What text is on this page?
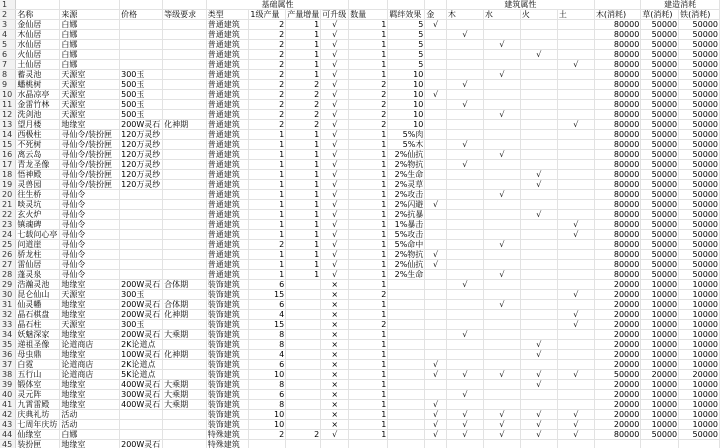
1					基础属性							建筑属性					建造消耗	
2	名称	来源	价格	等级要求	类型	1级产量	产量增量	可升级	数量	羁绊效果	金	木	水	火	土	木(消耗)	草(消耗)	铁(消耗)
3	金仙居	白娜			普通建筑	2	1	√	1	5	√					80000	50000	50000
4	木仙居	白娜			普通建筑	2	1	√	1	5		√				80000	50000	50000
5	水仙居	白娜			普通建筑	2	1	√	1	5			√			80000	50000	50000
6	火仙居	白娜			普通建筑	2	1	√	1	5				√		80000	50000	50000
7	土仙居	白娜			普通建筑	2	1	√	1	5					√	80000	50000	50000
8	蓄灵池	天源室	300玉		普通建筑	2	1	√	1	10			√			80000	50000	50000
9	蟠桃树	天源室	500玉		普通建筑	2	2	√	2	10		√				80000	50000	50000
10	水晶凉亭	天源室	500玉		普通建筑	2	2	√	2	10	√					80000	50000	50000
11	金雷竹林	天源室	500玉		普通建筑	2	2	√	2	10		√				80000	50000	50000
12	洗剑池	天源室	500玉		普通建筑	2	2	√	2	10			√			80000	50000	50000
13	望月楼	地缘室	200W灵石	化神期	普通建筑	2	2	√	2	10					√	80000	50000	50000
14	西极柱	寻仙令/装扮匣	120万灵纱		普通建筑	1	1	√	1	5%肉						80000	50000	50000
15	不死树	寻仙令/装扮匣	120万灵纱		普通建筑	1	1	√	1	5%木		√				80000	50000	50000
16	离云岛	寻仙令/装扮匣	120万灵纱		普通建筑	1	1	√	1	2%仙抗			√			80000	50000	50000
17	青龙圣像	寻仙令/装扮匣	120万灵纱		普通建筑	1	1	√	1	2%物抗		√				80000	50000	50000
18	悟神殿	寻仙令/装扮匣	120万灵纱		普通建筑	1	1	√	1	2%生命				√		80000	50000	50000
19	灵兽园	寻仙令/装扮匣	120万灵纱		普通建筑	1	1	√	1	2%灵草				√		80000	50000	50000
20	往生桥	寻仙令			普通建筑	1	1	√	1	2%攻击			√			80000	50000	50000
21	啖灵坑	寻仙令			普通建筑	1	1	√	1	2%闪避	√					80000	50000	50000
22	玄火炉	寻仙令			普通建筑	1	1	√	1	2%抗暴				√		80000	50000	50000
23	镇魂碑	寻仙令			普通建筑	1	1	√	1	1%暴击					√	80000	50000	50000
24	七载问心亭	寻仙令			普通建筑	1	1	√	1	5%攻击					√	80000	50000	50000
25	问道崖	寻仙令			普通建筑	2	1	√	1	5%命中			√			80000	50000	50000
26	骄龙柱	寻仙令			普通建筑	1	1	√	1	2%物抗	√					80000	50000	50000
27	雷仙居	寻仙令			普通建筑	1	1	√	1	2%仙抗	√					80000	50000	50000
28	蓬灵泉	寻仙令			普通建筑	1	1	√	1	2%生命			√			80000	50000	50000
29	浩瀚灵池	地缘室	200W灵石	合体期	装饰建筑	6		×	1			√				20000	10000	10000
30	昆仑仙山	天源室	300玉		装饰建筑	15		×	2						√	20000	10000	10000
31	仙灵幡	地缘室	200W灵石	合体期	装饰建筑	6		×	1				√			20000	10000	10000
32	晶石棋盘	地缘室	200W灵石	化神期	装饰建筑	4		×	1						√	20000	10000	10000
33	晶石柱	天源室	300玉		装饰建筑	15		×	2						√	20000	10000	10000
34	妖魅深家	地缘室	200W灵石	大乘期	装饰建筑	8		×	1			√				20000	10000	10000
35	递祖圣像	论道商店	2K论道点		装饰建筑	8		×	1					√		20000	10000	10000
36	母虫鼎	地缘室	100W灵石	化神期	装饰建筑	4		×	1					√		20000	10000	10000
37	白霓	论道商店	2K论道点		装饰建筑	6		×	1		√					20000	10000	10000
38	五行山	论道商店	5K论道点		装饰建筑	10		×	1		√	√	√	√	√	50000	20000	20000
39	锻体室	地缘室	400W灵石	大乘期	装饰建筑	8		×	1					√		20000	10000	10000
40	灵元阵	地缘室	300W灵石	大乘期	装饰建筑	6		×	1			√				20000	10000	10000
41	九霄雷殿	地缘室	400W灵石	大乘期	装饰建筑	8		×	1		√					20000	10000	10000
42	庆典礼坊	活动			装饰建筑	10		×	1		√	√	√	√	√	20000	10000	10000
43	七周年庆坊	活动			装饰建筑	10		×	1		√	√	√	√	√	20000	10000	10000
44	仙缘室	白娜			特殊建筑	2	2	√	1		√	√	√	√	√	80000	50000	50000
45	装扮匣	地缘室	200W灵石		特殊建筑													
